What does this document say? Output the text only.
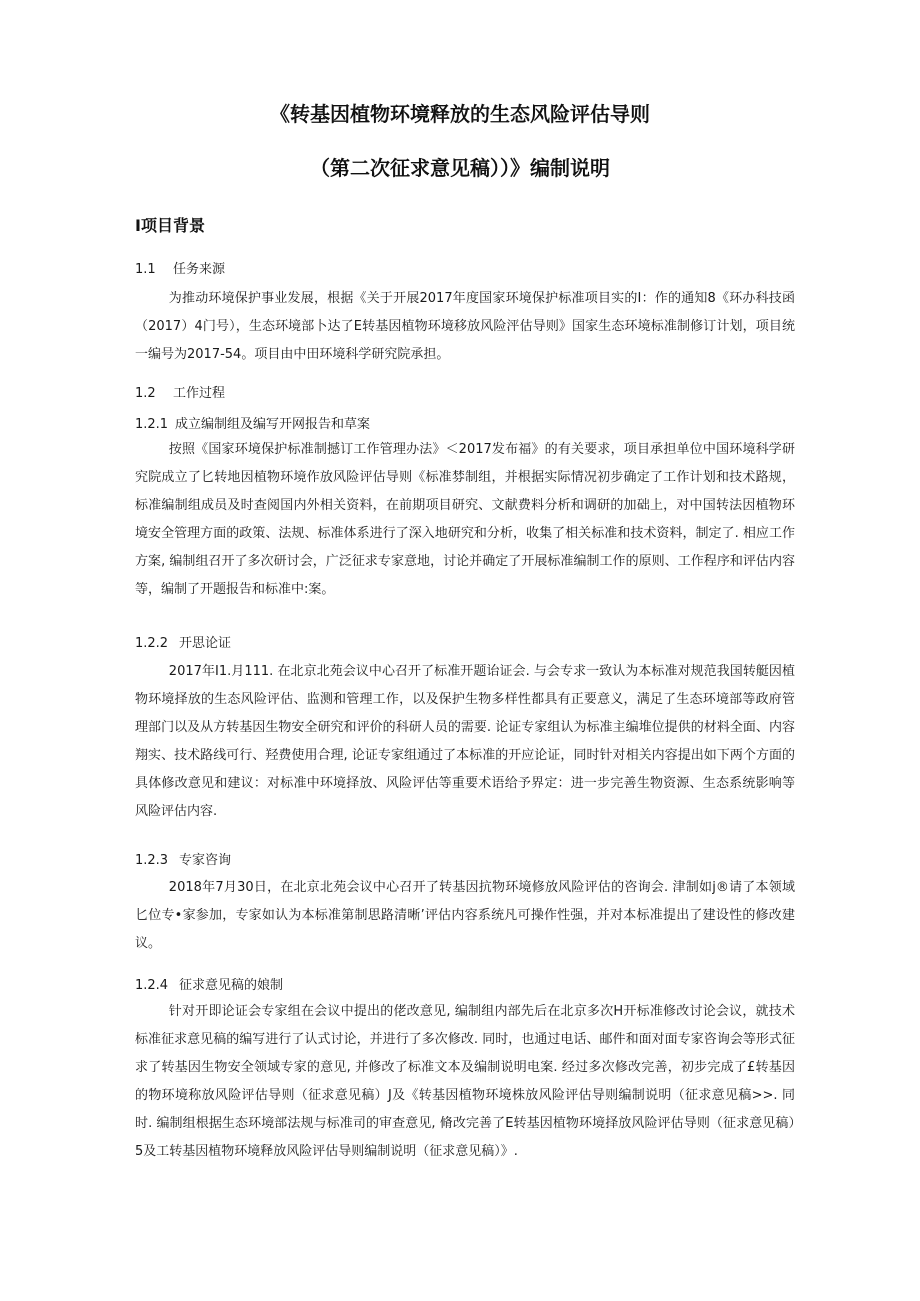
《转基因植物环境释放的生态风险评估导则
（第二次征求意见稿））》编制说明
I项目背景
1.1 任务来源

为推动环境保护事业发展，根据《关于开展2017年度国家环境保护标准项目实的I：作的通知8《环办科技函（2017）4门号），生态环境部卜达了E转基因植物环境移放风险泙估导则》国家生态环境标准制修订计划，项目统一编号为2017-54。项目由中田环境科学研究院承担。

1.2 工作过程
1.2.1 成立编制组及编写开网报告和草案

按照《国家环境保护标准制撼订工作管理办法》＜2017发布福》的有关要求，项目承担单位中国环境科学研究院成立了匕转地因植物环境作放风险评估导则《标准棼制组，并根据实际情况初步确定了工作计划和技术路规，标准编制组成员及时查阅国内外相关资料，在前期项目研究、文献费料分析和调研的加础上，对中国转法因植物环境安全管理方面的政策、法规、标准体系进行了深入地研究和分析，收集了相关标准和技术资料，制定了. 相应工作方案, 编制组召开了多次研讨会，广泛征求专家意地，讨论并确定了开展标准编制工作的原则、工作程序和评估内容等，编制了开题报告和标准中:案。

1.2.2 开思论证

2017年I1.月111. 在北京北苑会议中心召开了标准开题诒证会. 与会专求一致认为本标准对规范我国转艇因植物环境择放的生态风险评估、监测和管理工作，以及保护生物多样性都具有正要意义，满足了生态环境部等政府管理部门以及从方转基因生物安全研究和评价的科研人员的需要. 论证专家组认为标准主编堆位提供的材料全面、内容翔实、技术路线可行、羟费使用合理, 论证专家组通过了本标准的开应论证，同时针对相关内容提出如下两个方面的具体修改意见和建议：对标准中环境择放、风险评估等重要术语给予界定：进一步完善生物资源、生态系统影响等风险评估内容.

1.2.3 专家咨询

2018年7月30日，在北京北苑会议中心召开了转基因抗物环境修放风险评估的咨询会. 津制如j®请了本领域匕位专•家参加，专家如认为本标准第制思路清晰’评估内容系统凡可操作性强，并对本标准提出了建设性的修改建议。

1.2.4 征求意见稿的娘制

针对开即论证会专家组在会议中提出的佬改意见, 编制组内部先后在北京多次H开标准修改讨论会议，就技术标准征求意见稿的编写进行了认式讨论，并进行了多次修改. 同时，也通过电话、邮件和面对面专家咨询会等形式征求了转基因生物安全领域专家的意见, 并修改了标准文本及编制说明电案. 经过多次修改完善，初步完成了£转基因的物环境称放风险评估导则（征求意见稿）J及《转基因植物环境株放风险评估导则编制说明（征求意见稿>>. 同时. 编制组根据生态环境部法规与标准司的审查意见, 脩改完善了E转基因植物环境择放风险评估导则（征求意见稿）5及工转基因植物环境释放风险评估导则编制说明（征求意见稿）》.
